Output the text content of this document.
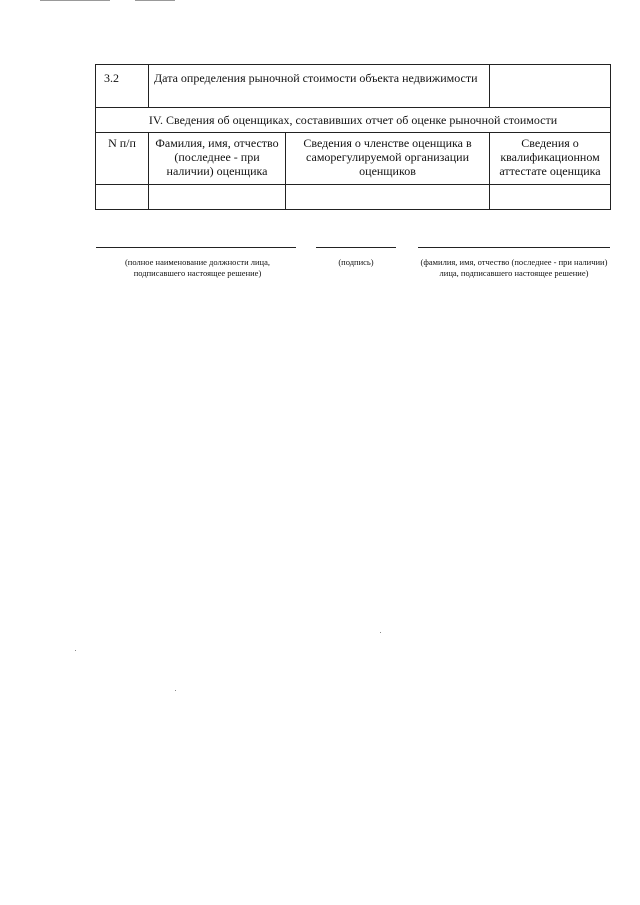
3.2	Дата определения рыночной стоимости объекта недвижимости		
IV. Сведения об оценщиках, составивших отчет об оценке рыночной стоимости			
N п/п	Фамилия, имя, отчество (последнее - при наличии) оценщика	Сведения о членстве оценщика в саморегулируемой организации оценщиков	Сведения о квалификационном аттестате оценщика

(полное наименование должности лица, подписавшего настоящее решение)
(подпись)	(фамилия, имя, отчество (последнее - при наличии) лица, подписавшего настоящее решение)
